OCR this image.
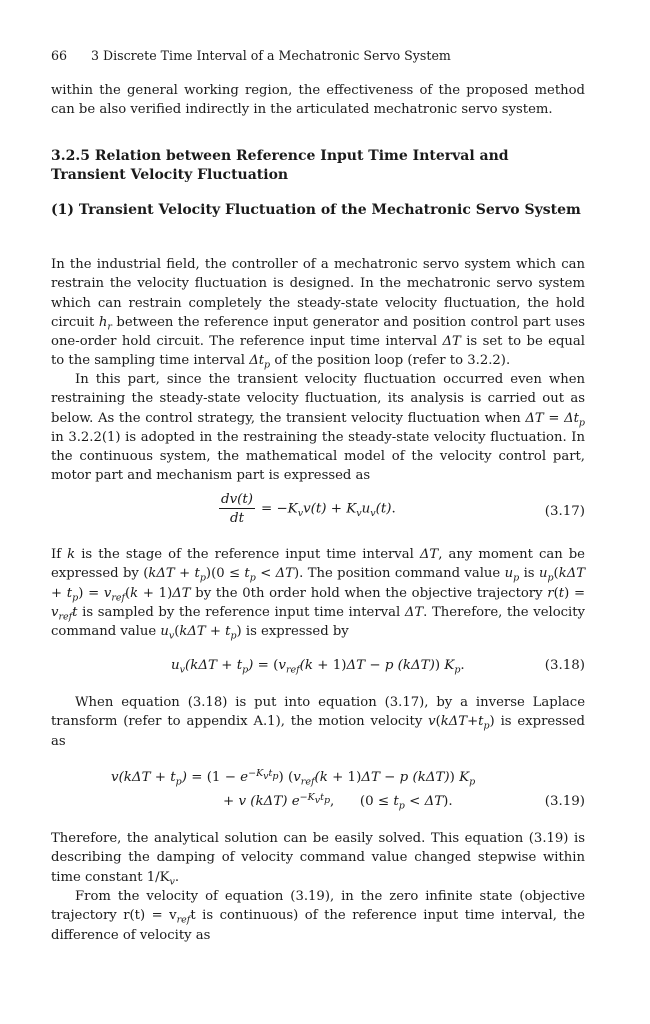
66 3 Discrete Time Interval of a Mechatronic Servo System

within the general working region, the effectiveness of the proposed method can be also verified indirectly in the articulated mechatronic servo system.

3.2.5 Relation between Reference Input Time Interval and Transient Velocity Fluctuation
(1) Transient Velocity Fluctuation of the Mechatronic Servo System

In the industrial field, the controller of a mechatronic servo system which can restrain the velocity fluctuation is designed. In the mechatronic servo system which can restrain completely the steady-state velocity fluctuation, the hold circuit $h_r$ between the reference input generator and position control part uses one-order hold circuit. The reference input time interval ΔT is set to be equal to the sampling time interval $\Delta t_p$ of the position loop (refer to 3.2.2).

In this part, since the transient velocity fluctuation occurred even when restraining the steady-state velocity fluctuation, its analysis is carried out as below. As the control strategy, the transient velocity fluctuation when $\Delta T = \Delta t_p$ in 3.2.2(1) is adopted in the restraining the steady-state velocity fluctuation. In the continuous system, the mathematical model of the velocity control part, motor part and mechanism part is expressed as

$\frac{dv(t)}{dt} = -K_vv(t) + K_vu_v(t)$.	(3.17)

If k is the stage of the reference input time interval ΔT, any moment can be expressed by $(k\Delta T + t_p)(0 \le t_p < \Delta T)$. The position command value $u_p$ is $u_p(k\Delta T + t_p) = v_{ref}(k + 1)\Delta T$ by the 0th order hold when the objective trajectory $r(t) = v_{ref}t$ is sampled by the reference input time interval ΔT. Therefore, the velocity command value $u_v(k\Delta T + t_p)$ is expressed by

$u_v(k\Delta T + t_p) = (v_{ref}(k + 1)\Delta T - p$ (kΔT)) $K_p$.	(3.18)

When equation (3.18) is put into equation (3.17), by a inverse Laplace transform (refer to appendix A.1), the motion velocity $v(k\Delta T+t_p)$ is expressed as

$v(k\Delta T + t_p) = (1 - e^{-K_vt_p})$ ($v_{ref}(k + 1)\Delta T - p$ (kΔT)) $K_p$
+ v (kΔT) $e^{-K_vt_p}$, $(0 \le t_p < \Delta T)$.	(3.19)

Therefore, the analytical solution can be easily solved. This equation (3.19) is describing the damping of velocity command value changed stepwise within time constant $1/K_v$.

From the velocity of equation (3.19), in the zero infinite state (objective trajectory $r(t) = v_{ref}t$ is continuous) of the reference input time interval, the difference of velocity as
